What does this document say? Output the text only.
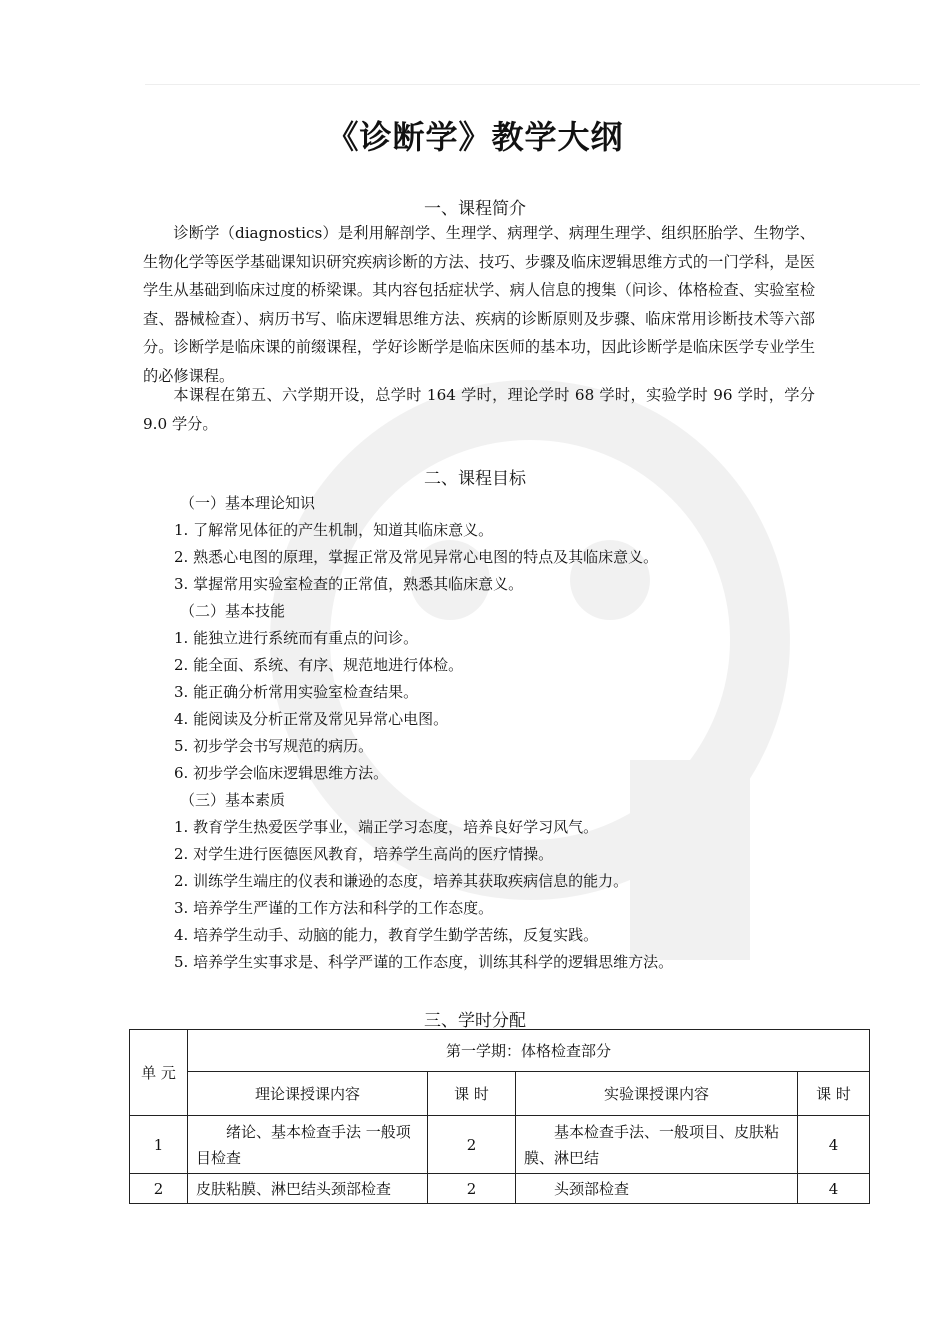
《诊断学》教学大纲
一、课程简介

诊断学（diagnostics）是利用解剖学、生理学、病理学、病理生理学、组织胚胎学、生物学、生物化学等医学基础课知识研究疾病诊断的方法、技巧、步骤及临床逻辑思维方式的一门学科，是医学生从基础到临床过度的桥梁课。其内容包括症状学、病人信息的搜集（问诊、体格检查、实验室检查、器械检查）、病历书写、临床逻辑思维方法、疾病的诊断原则及步骤、临床常用诊断技术等六部分。诊断学是临床课的前缀课程，学好诊断学是临床医师的基本功，因此诊断学是临床医学专业学生的必修课程。

本课程在第五、六学期开设，总学时 164 学时，理论学时 68 学时，实验学时 96 学时，学分 9.0 学分。

二、课程目标
（一）基本理论知识
1. 了解常见体征的产生机制，知道其临床意义。
2. 熟悉心电图的原理，掌握正常及常见异常心电图的特点及其临床意义。
3. 掌握常用实验室检查的正常值，熟悉其临床意义。
（二）基本技能
1. 能独立进行系统而有重点的问诊。
2. 能全面、系统、有序、规范地进行体检。
3. 能正确分析常用实验室检查结果。
4. 能阅读及分析正常及常见异常心电图。
5. 初步学会书写规范的病历。
6. 初步学会临床逻辑思维方法。
（三）基本素质
1. 教育学生热爱医学事业，端正学习态度，培养良好学习风气。
2. 对学生进行医德医风教育，培养学生高尚的医疗情操。
2. 训练学生端庄的仪表和谦逊的态度，培养其获取疾病信息的能力。
3. 培养学生严谨的工作方法和科学的工作态度。
4. 培养学生动手、动脑的能力，教育学生勤学苦练，反复实践。
5. 培养学生实事求是、科学严谨的工作态度，训练其科学的逻辑思维方法。
三、学时分配
单 元	第一学期：体格检查部分			
	理论课授课内容	课 时	实验课授课内容	课 时
1	绪论、基本检查手法 一般项目检查	2	基本检查手法、一般项目、皮肤粘膜、淋巴结	4
2	皮肤粘膜、淋巴结头颈部检查	2	头颈部检查	4
